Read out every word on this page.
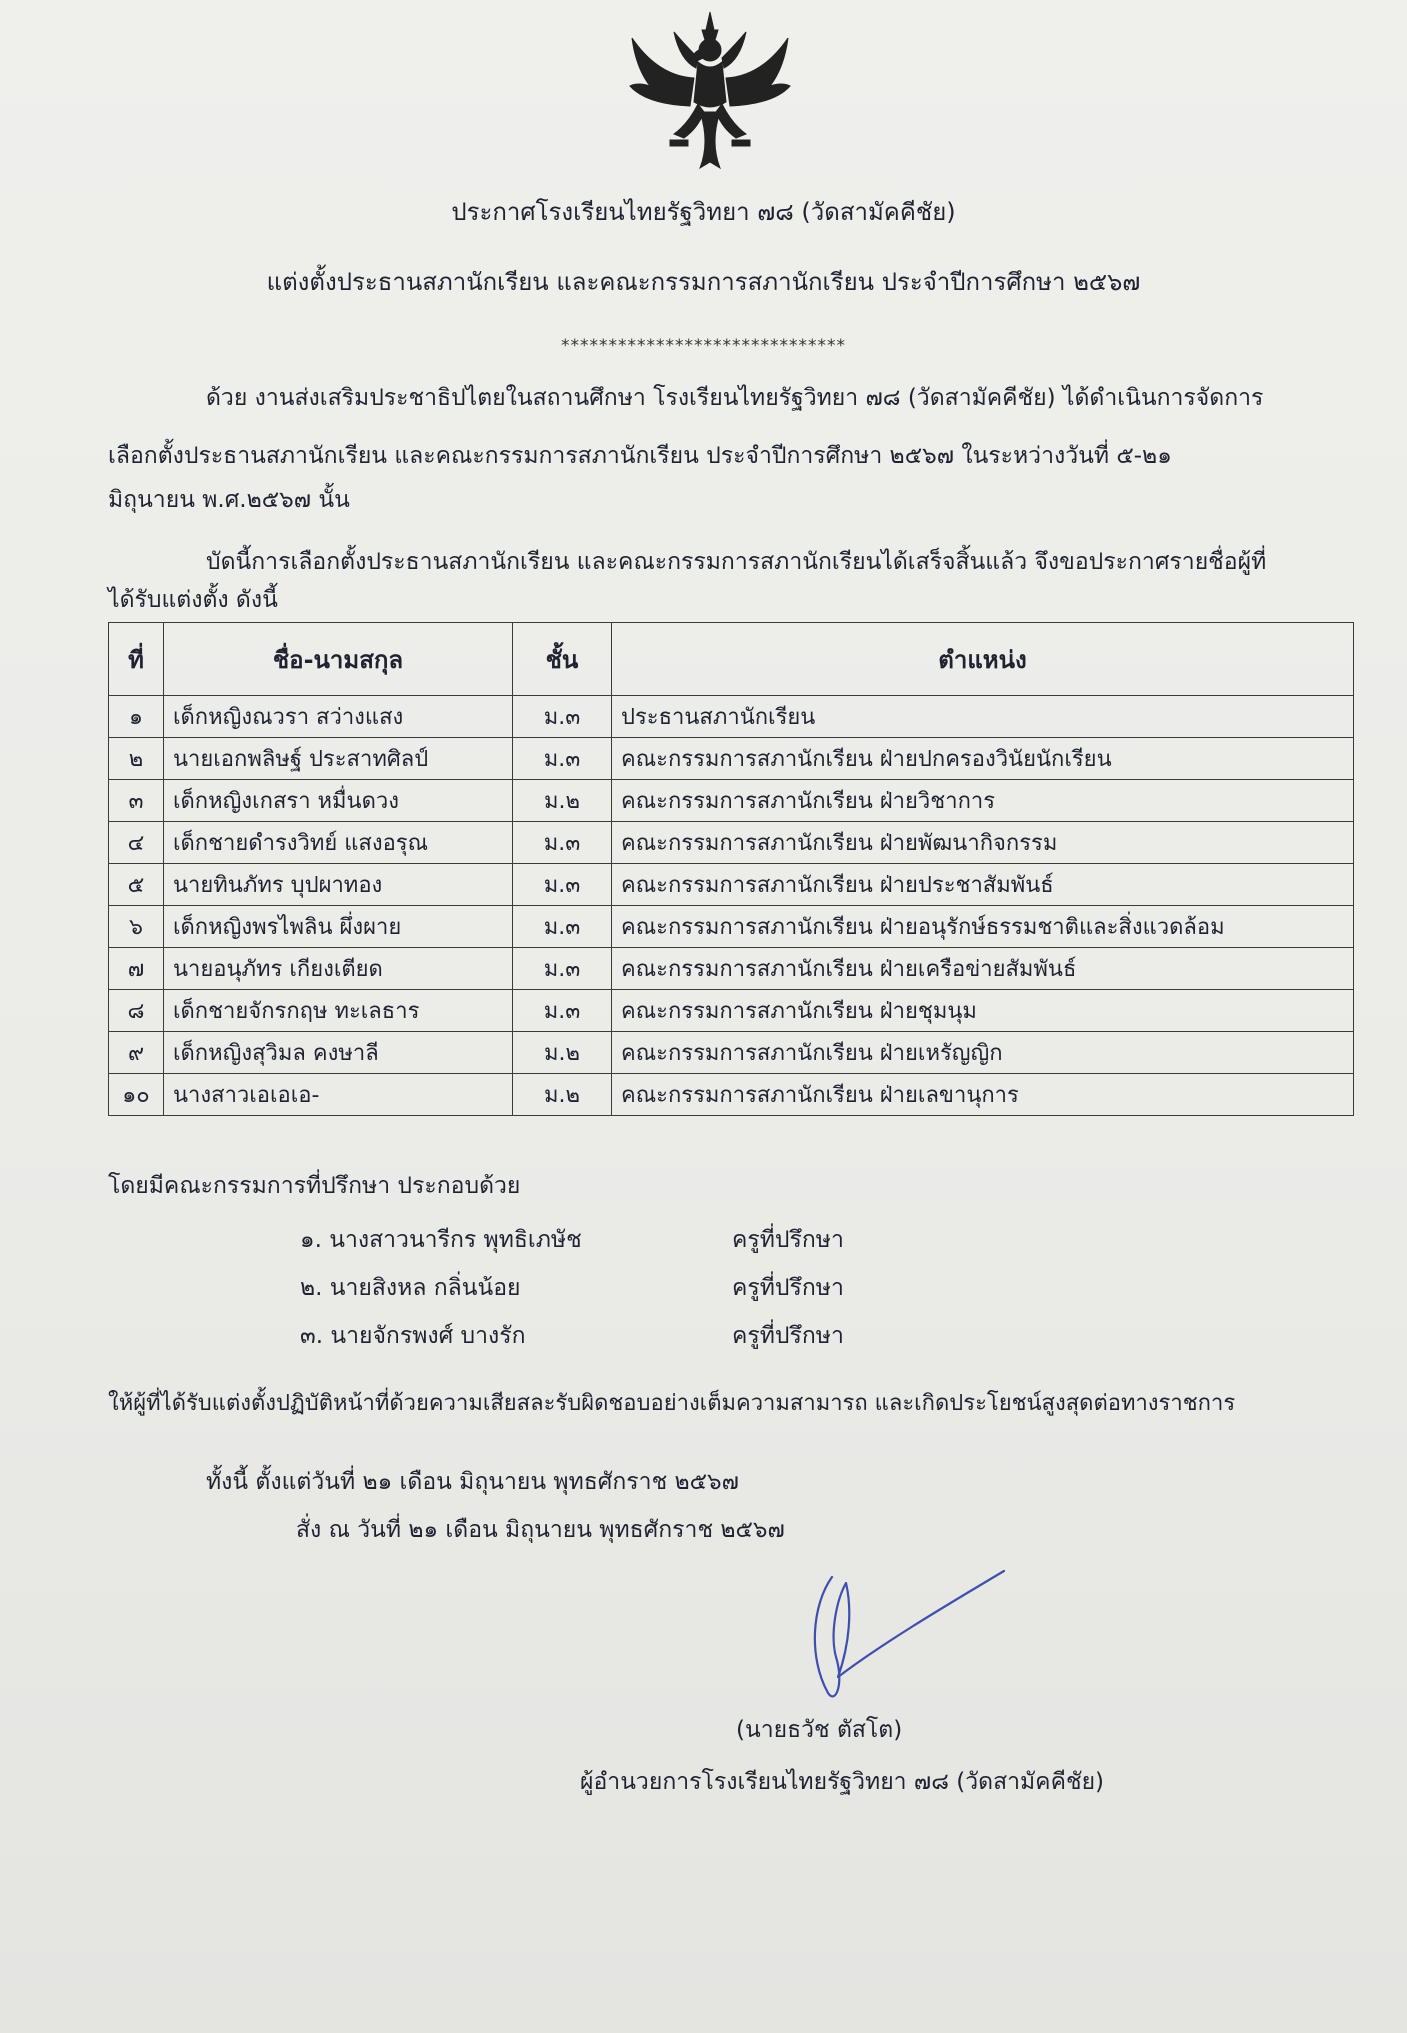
ประกาศโรงเรียนไทยรัฐวิทยา ๗๘ (วัดสามัคคีชัย)
แต่งตั้งประธานสภานักเรียน และคณะกรรมการสภานักเรียน ประจำปีการศึกษา ๒๕๖๗
******************************

ด้วย งานส่งเสริมประชาธิปไตยในสถานศึกษา โรงเรียนไทยรัฐวิทยา ๗๘ (วัดสามัคคีชัย) ได้ดำเนินการจัดการ

เลือกตั้งประธานสภานักเรียน และคณะกรรมการสภานักเรียน ประจำปีการศึกษา ๒๕๖๗ ในระหว่างวันที่ ๕-๒๑

มิถุนายน พ.ศ.๒๕๖๗ นั้น

บัดนี้การเลือกตั้งประธานสภานักเรียน และคณะกรรมการสภานักเรียนได้เสร็จสิ้นแล้ว จึงขอประกาศรายชื่อผู้ที่

ได้รับแต่งตั้ง ดังนี้

ที่	ชื่อ-นามสกุล	ชั้น	ตำแหน่ง
๑	เด็กหญิงณวรา สว่างแสง	ม.๓	ประธานสภานักเรียน
๒	นายเอกพลิษฐ์ ประสาทศิลป์	ม.๓	คณะกรรมการสภานักเรียน ฝ่ายปกครองวินัยนักเรียน
๓	เด็กหญิงเกสรา หมื่นดวง	ม.๒	คณะกรรมการสภานักเรียน ฝ่ายวิชาการ
๔	เด็กชายดำรงวิทย์ แสงอรุณ	ม.๓	คณะกรรมการสภานักเรียน ฝ่ายพัฒนากิจกรรม
๕	นายทินภัทร บุปผาทอง	ม.๓	คณะกรรมการสภานักเรียน ฝ่ายประชาสัมพันธ์
๖	เด็กหญิงพรไพลิน ผึ่งผาย	ม.๓	คณะกรรมการสภานักเรียน ฝ่ายอนุรักษ์ธรรมชาติและสิ่งแวดล้อม
๗	นายอนุภัทร เกียงเตียด	ม.๓	คณะกรรมการสภานักเรียน ฝ่ายเครือข่ายสัมพันธ์
๘	เด็กชายจักรกฤษ ทะเลธาร	ม.๓	คณะกรรมการสภานักเรียน ฝ่ายชุมนุม
๙	เด็กหญิงสุวิมล คงษาลี	ม.๒	คณะกรรมการสภานักเรียน ฝ่ายเหรัญญิก
๑๐	นางสาวเอเอเอ-	ม.๒	คณะกรรมการสภานักเรียน ฝ่ายเลขานุการ

โดยมีคณะกรรมการที่ปรึกษา ประกอบด้วย

๑. นางสาวนารีกร พุทธิเภษัช	ครูที่ปรึกษา
๒. นายสิงหล กลิ่นน้อย	ครูที่ปรึกษา
๓. นายจักรพงศ์ บางรัก	ครูที่ปรึกษา

ให้ผู้ที่ได้รับแต่งตั้งปฏิบัติหน้าที่ด้วยความเสียสละรับผิดชอบอย่างเต็มความสามารถ และเกิดประโยชน์สูงสุดต่อทางราชการ

ทั้งนี้ ตั้งแต่วันที่ ๒๑ เดือน มิถุนายน พุทธศักราช ๒๕๖๗

สั่ง ณ วันที่ ๒๑ เดือน มิถุนายน พุทธศักราช ๒๕๖๗

(นายธวัช ตัสโต)
ผู้อำนวยการโรงเรียนไทยรัฐวิทยา ๗๘ (วัดสามัคคีชัย)
